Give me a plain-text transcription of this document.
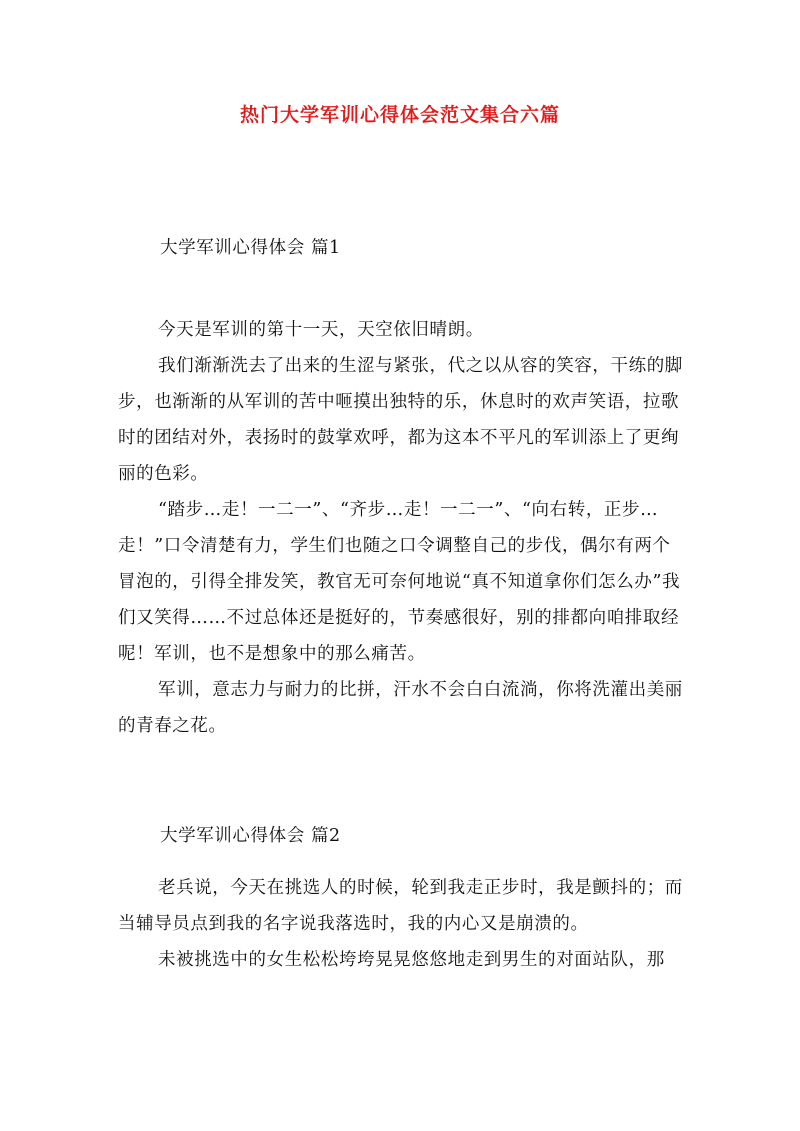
热门大学军训心得体会范文集合六篇
大学军训心得体会 篇1

今天是军训的第十一天，天空依旧晴朗。

我们渐渐洗去了出来的生涩与紧张，代之以从容的笑容，干练的脚步，也渐渐的从军训的苦中咂摸出独特的乐，休息时的欢声笑语，拉歌时的团结对外，表扬时的鼓掌欢呼，都为这本不平凡的军训添上了更绚丽的色彩。

“踏步…走！一二一”、“齐步…走！一二一”、“向右转，正步…走！”口令清楚有力，学生们也随之口令调整自己的步伐，偶尔有两个冒泡的，引得全排发笑，教官无可奈何地说“真不知道拿你们怎么办”我们又笑得……不过总体还是挺好的，节奏感很好，别的排都向咱排取经呢！军训，也不是想象中的那么痛苦。

军训，意志力与耐力的比拼，汗水不会白白流淌，你将洗灌出美丽的青春之花。

大学军训心得体会 篇2

老兵说，今天在挑选人的时候，轮到我走正步时，我是颤抖的；而当辅导员点到我的名字说我落选时，我的内心又是崩溃的。

未被挑选中的女生松松垮垮晃晃悠悠地走到男生的对面站队，那
